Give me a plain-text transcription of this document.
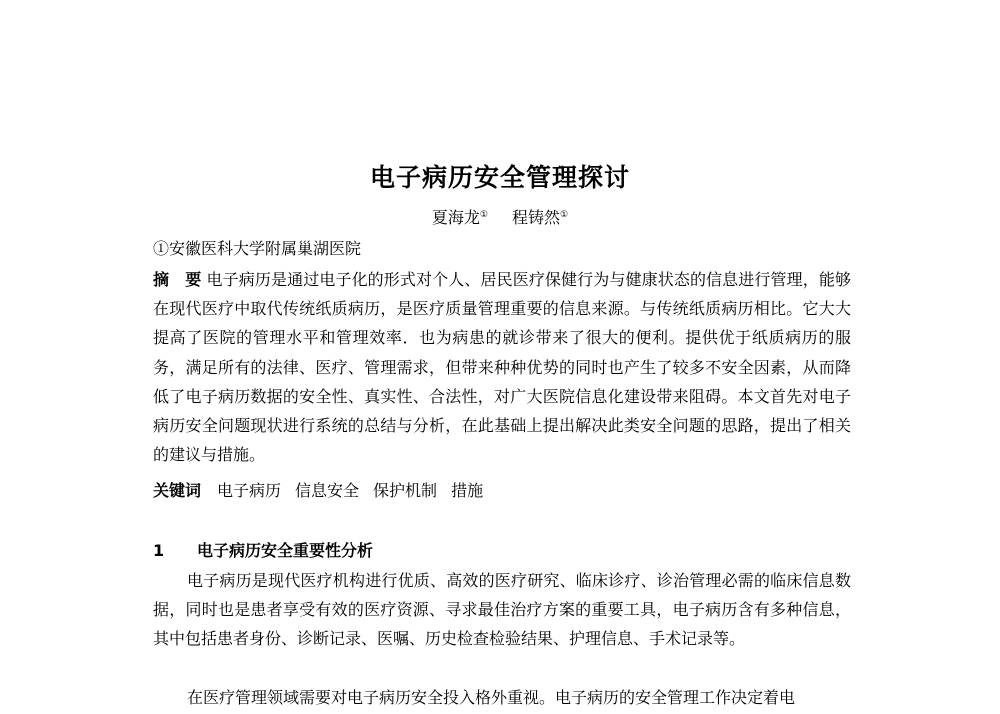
电子病历安全管理探讨
夏海龙① 程铸然①
①安徽医科大学附属巢湖医院
摘　要 电子病历是通过电子化的形式对个人、居民医疗保健行为与健康状态的信息进行管理，能够在现代医疗中取代传统纸质病历，是医疗质量管理重要的信息来源。与传统纸质病历相比。它大大提高了医院的管理水平和管理效率．也为病患的就诊带来了很大的便利。提供优于纸质病历的服务，满足所有的法律、医疗、管理需求，但带来种种优势的同时也产生了较多不安全因素，从而降低了电子病历数据的安全性、真实性、合法性，对广大医院信息化建设带来阻碍。本文首先对电子病历安全问题现状进行系统的总结与分析，在此基础上提出解决此类安全问题的思路，提出了相关的建议与措施。
关键词 电子病历 信息安全 保护机制 措施
1 电子病历安全重要性分析
电子病历是现代医疗机构进行优质、高效的医疗研究、临床诊疗、诊治管理必需的临床信息数据，同时也是患者享受有效的医疗资源、寻求最佳治疗方案的重要工具，电子病历含有多种信息，其中包括患者身份、诊断记录、医嘱、历史检查检验结果、护理信息、手术记录等。
在医疗管理领域需要对电子病历安全投入格外重视。电子病历的安全管理工作决定着电
